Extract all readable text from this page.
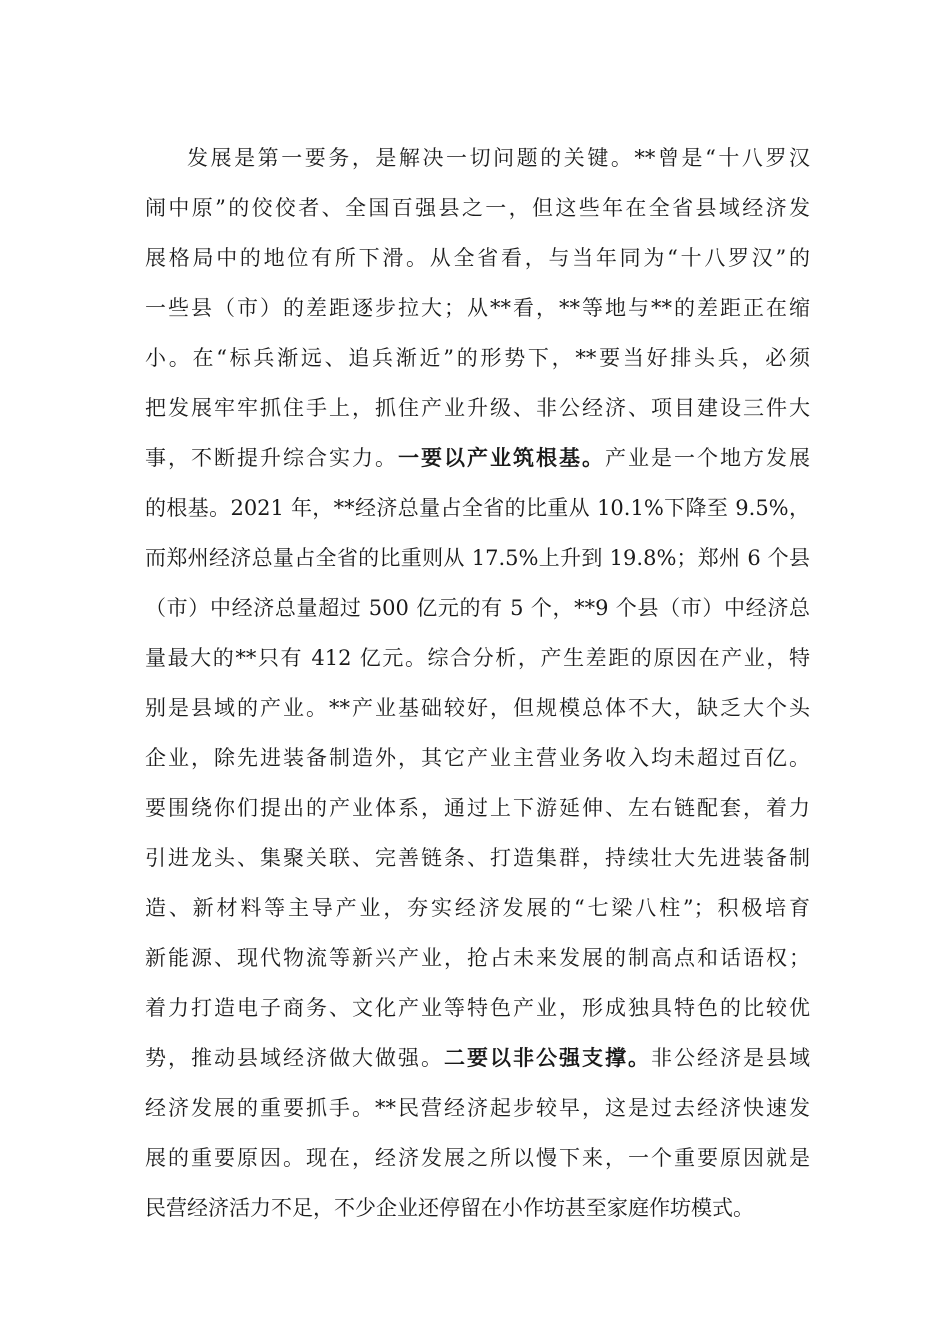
发展是第一要务，是解决一切问题的关键。**曾是“十八罗汉
闹中原”的佼佼者、全国百强县之一，但这些年在全省县域经济发
展格局中的地位有所下滑。从全省看，与当年同为“十八罗汉”的
一些县（市）的差距逐步拉大；从**看，**等地与**的差距正在缩
小。在“标兵渐远、追兵渐近”的形势下，**要当好排头兵，必须
把发展牢牢抓住手上，抓住产业升级、非公经济、项目建设三件大
事，不断提升综合实力。一要以产业筑根基。产业是一个地方发展
的根基。2021 年，**经济总量占全省的比重从 10.1%下降至 9.5%，
而郑州经济总量占全省的比重则从 17.5%上升到 19.8%；郑州 6 个县
（市）中经济总量超过 500 亿元的有 5 个，**9 个县（市）中经济总
量最大的**只有 412 亿元。综合分析，产生差距的原因在产业，特
别是县域的产业。**产业基础较好，但规模总体不大，缺乏大个头
企业，除先进装备制造外，其它产业主营业务收入均未超过百亿。
要围绕你们提出的产业体系，通过上下游延伸、左右链配套，着力
引进龙头、集聚关联、完善链条、打造集群，持续壮大先进装备制
造、新材料等主导产业，夯实经济发展的“七梁八柱”；积极培育
新能源、现代物流等新兴产业，抢占未来发展的制高点和话语权；
着力打造电子商务、文化产业等特色产业，形成独具特色的比较优
势，推动县域经济做大做强。二要以非公强支撑。非公经济是县域
经济发展的重要抓手。**民营经济起步较早，这是过去经济快速发
展的重要原因。现在，经济发展之所以慢下来，一个重要原因就是
民营经济活力不足，不少企业还停留在小作坊甚至家庭作坊模式。
